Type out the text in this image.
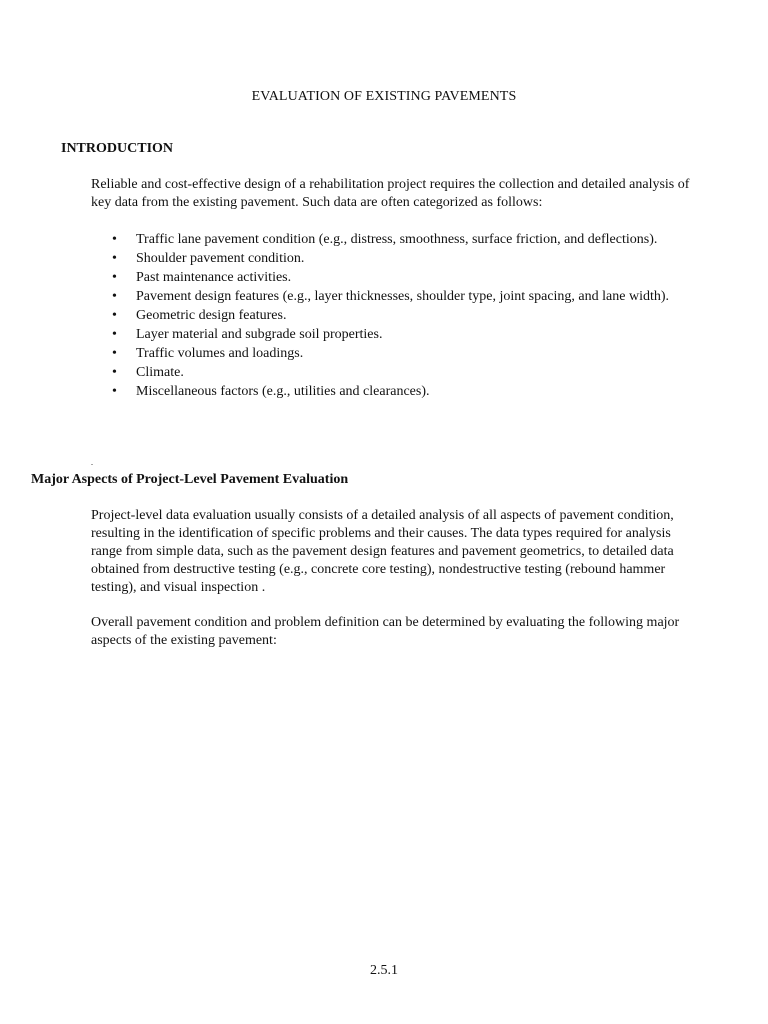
EVALUATION OF EXISTING PAVEMENTS
INTRODUCTION

Reliable and cost-effective design of a rehabilitation project requires the collection and detailed analysis of key data from the existing pavement. Such data are often categorized as follows:

• Traffic lane pavement condition (e.g., distress, smoothness, surface friction, and deflections).
• Shoulder pavement condition.
• Past maintenance activities.
• Pavement design features (e.g., layer thicknesses, shoulder type, joint spacing, and lane width).
• Geometric design features.
• Layer material and subgrade soil properties.
• Traffic volumes and loadings.
• Climate.
• Miscellaneous factors (e.g., utilities and clearances).

.

Major Aspects of Project-Level Pavement Evaluation

Project-level data evaluation usually consists of a detailed analysis of all aspects of pavement condition, resulting in the identification of specific problems and their causes. The data types required for analysis range from simple data, such as the pavement design features and pavement geometrics, to detailed data obtained from destructive testing (e.g., concrete core testing), nondestructive testing (rebound hammer testing), and visual inspection .

Overall pavement condition and problem definition can be determined by evaluating the following major aspects of the existing pavement:

2.5.1
